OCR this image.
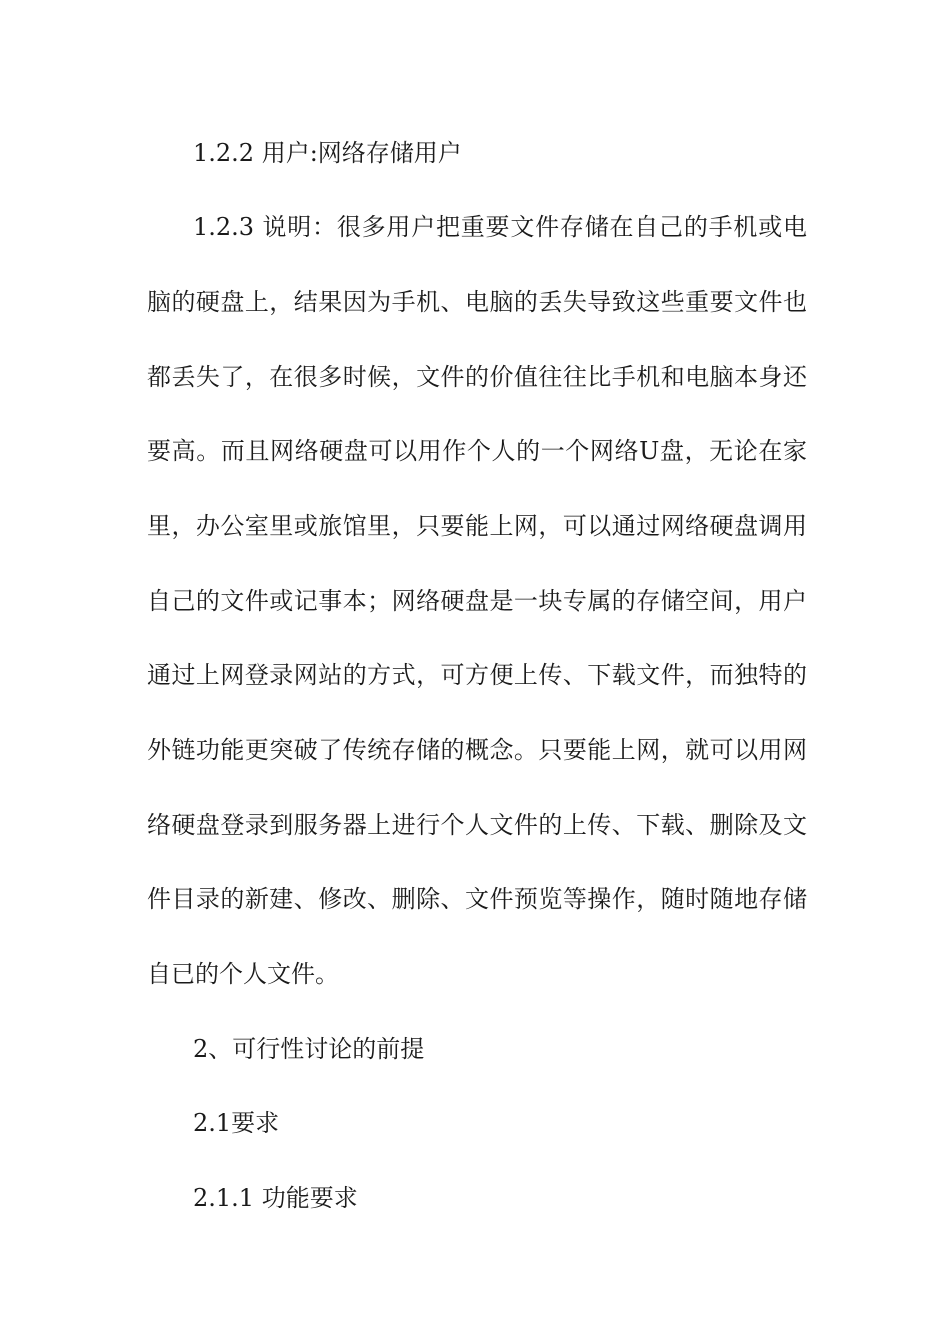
1.2.2 用户:网络存储用户
1.2.3 说明：很多用户把重要文件存储在自己的手机或电
脑的硬盘上，结果因为手机、电脑的丢失导致这些重要文件也
都丢失了，在很多时候，文件的价值往往比手机和电脑本身还
要高。而且网络硬盘可以用作个人的一个网络U盘，无论在家
里，办公室里或旅馆里，只要能上网，可以通过网络硬盘调用
自己的文件或记事本；网络硬盘是一块专属的存储空间，用户
通过上网登录网站的方式，可方便上传、下载文件，而独特的
外链功能更突破了传统存储的概念。只要能上网，就可以用网
络硬盘登录到服务器上进行个人文件的上传、下载、删除及文
件目录的新建、修改、删除、文件预览等操作，随时随地存储
自已的个人文件。
2、可行性讨论的前提
2.1要求
2.1.1 功能要求
